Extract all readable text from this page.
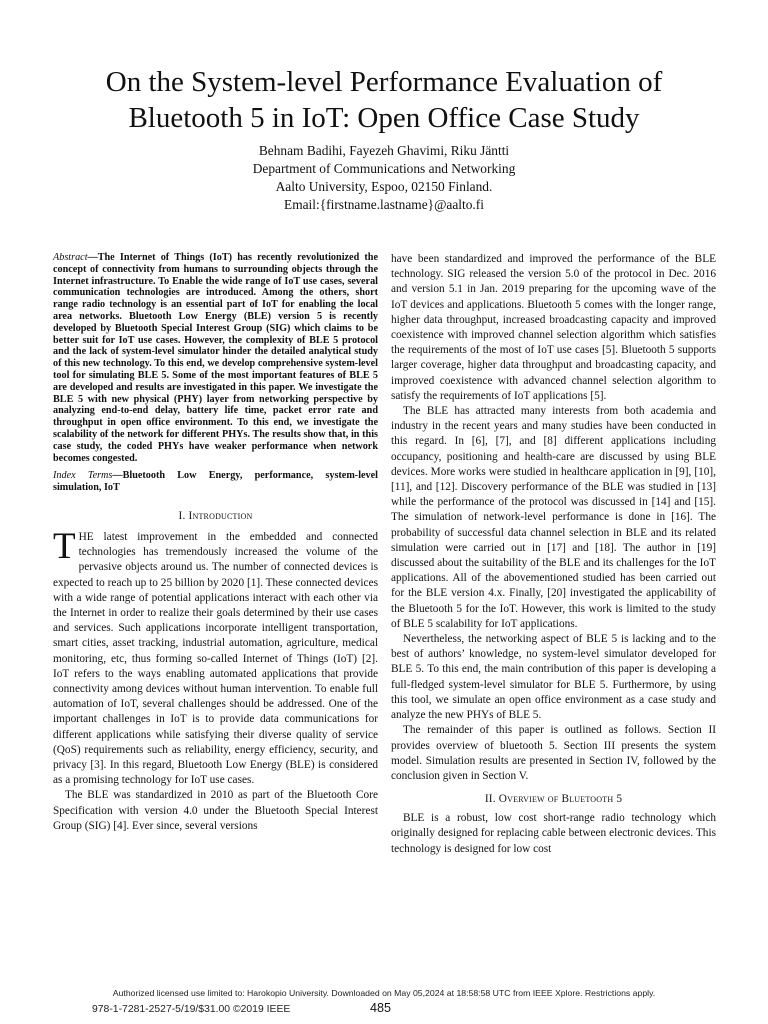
On the System-level Performance Evaluation of
Bluetooth 5 in IoT: Open Office Case Study
Behnam Badihi, Fayezeh Ghavimi, Riku Jäntti
Department of Communications and Networking
Aalto University, Espoo, 02150 Finland.
Email:{firstname.lastname}@aalto.fi

Abstract—The Internet of Things (IoT) has recently revolutionized the concept of connectivity from humans to surrounding objects through the Internet infrastructure. To Enable the wide range of IoT use cases, several communication technologies are introduced. Among the others, short range radio technology is an essential part of IoT for enabling the local area networks. Bluetooth Low Energy (BLE) version 5 is recently developed by Bluetooth Special Interest Group (SIG) which claims to be better suit for IoT use cases. However, the complexity of BLE 5 protocol and the lack of system-level simulator hinder the detailed analytical study of this new technology. To this end, we develop comprehensive system-level tool for simulating BLE 5. Some of the most important features of BLE 5 are developed and results are investigated in this paper. We investigate the BLE 5 with new physical (PHY) layer from networking perspective by analyzing end-to-end delay, battery life time, packet error rate and throughput in open office environment. To this end, we investigate the scalability of the network for different PHYs. The results show that, in this case study, the coded PHYs have weaker performance when network becomes congested.

Index Terms—Bluetooth Low Energy, performance, system-level simulation, IoT

I. Introduction

THE latest improvement in the embedded and connected technologies has tremendously increased the volume of the pervasive objects around us. The number of connected devices is expected to reach up to 25 billion by 2020 [1]. These connected devices with a wide range of potential applications interact with each other via the Internet in order to realize their goals determined by their use cases and services. Such applications incorporate intelligent transportation, smart cities, asset tracking, industrial automation, agriculture, medical monitoring, etc, thus forming so-called Internet of Things (IoT) [2]. IoT refers to the ways enabling automated applications that provide connectivity among devices without human intervention. To enable full automation of IoT, several challenges should be addressed. One of the important challenges in IoT is to provide data communications for different applications while satisfying their diverse quality of service (QoS) requirements such as reliability, energy efficiency, security, and privacy [3]. In this regard, Bluetooth Low Energy (BLE) is considered as a promising technology for IoT use cases.

The BLE was standardized in 2010 as part of the Bluetooth Core Specification with version 4.0 under the Bluetooth Special Interest Group (SIG) [4]. Ever since, several versions

have been standardized and improved the performance of the BLE technology. SIG released the version 5.0 of the protocol in Dec. 2016 and version 5.1 in Jan. 2019 preparing for the upcoming wave of the IoT devices and applications. Bluetooth 5 comes with the longer range, higher data throughput, increased broadcasting capacity and improved coexistence with improved channel selection algorithm which satisfies the requirements of the most of IoT use cases [5]. Bluetooth 5 supports larger coverage, higher data throughput and broadcasting capacity, and improved coexistence with advanced channel selection algorithm to satisfy the requirements of IoT applications [5].

The BLE has attracted many interests from both academia and industry in the recent years and many studies have been conducted in this regard. In [6], [7], and [8] different applications including occupancy, positioning and health-care are discussed by using BLE devices. More works were studied in healthcare application in [9], [10], [11], and [12]. Discovery performance of the BLE was studied in [13] while the performance of the protocol was discussed in [14] and [15]. The simulation of network-level performance is done in [16]. The probability of successful data channel selection in BLE and its related simulation were carried out in [17] and [18]. The author in [19] discussed about the suitability of the BLE and its challenges for the IoT applications. All of the abovementioned studied has been carried out for the BLE version 4.x. Finally, [20] investigated the applicability of the Bluetooth 5 for the IoT. However, this work is limited to the study of BLE 5 scalability for IoT applications.

Nevertheless, the networking aspect of BLE 5 is lacking and to the best of authors’ knowledge, no system-level simulator developed for BLE 5. To this end, the main contribution of this paper is developing a full-fledged system-level simulator for BLE 5. Furthermore, by using this tool, we simulate an open office environment as a case study and analyze the new PHYs of BLE 5.

The remainder of this paper is outlined as follows. Section II provides overview of bluetooth 5. Section III presents the system model. Simulation results are presented in Section IV, followed by the conclusion given in Section V.

II. Overview of Bluetooth 5

BLE is a robust, low cost short-range radio technology which originally designed for replacing cable between electronic devices. This technology is designed for low cost

Authorized licensed use limited to: Harokopio University. Downloaded on May 05,2024 at 18:58:58 UTC from IEEE Xplore. Restrictions apply.
978-1-7281-2527-5/19/$31.00 ©2019 IEEE	485
